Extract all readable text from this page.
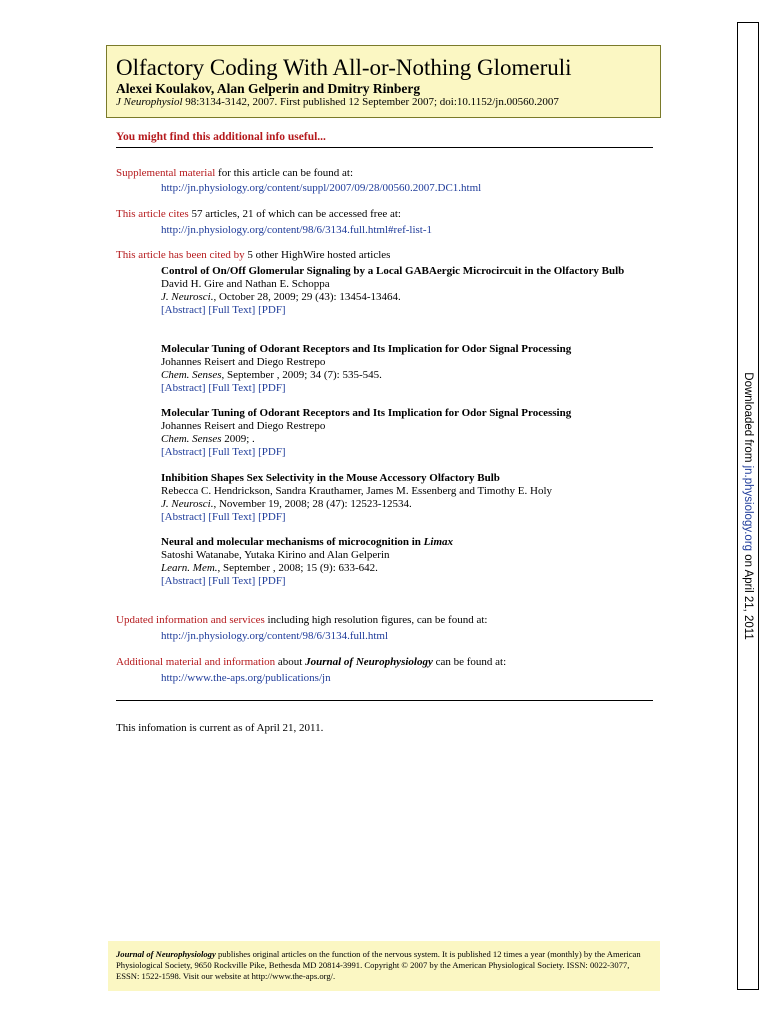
Olfactory Coding With All-or-Nothing Glomeruli
Alexei Koulakov, Alan Gelperin and Dmitry Rinberg
J Neurophysiol 98:3134-3142, 2007. First published 12 September 2007; doi:10.1152/jn.00560.2007
You might find this additional info useful...
Supplemental material for this article can be found at:
http://jn.physiology.org/content/suppl/2007/09/28/00560.2007.DC1.html
This article cites 57 articles, 21 of which can be accessed free at:
http://jn.physiology.org/content/98/6/3134.full.html#ref-list-1
This article has been cited by 5 other HighWire hosted articles
Control of On/Off Glomerular Signaling by a Local GABAergic Microcircuit in the Olfactory Bulb
David H. Gire and Nathan E. Schoppa
J. Neurosci., October 28, 2009; 29 (43): 13454-13464.
[Abstract] [Full Text] [PDF]
Molecular Tuning of Odorant Receptors and Its Implication for Odor Signal Processing
Johannes Reisert and Diego Restrepo
Chem. Senses, September , 2009; 34 (7): 535-545.
[Abstract] [Full Text] [PDF]
Molecular Tuning of Odorant Receptors and Its Implication for Odor Signal Processing
Johannes Reisert and Diego Restrepo
Chem. Senses 2009; .
[Abstract] [Full Text] [PDF]
Inhibition Shapes Sex Selectivity in the Mouse Accessory Olfactory Bulb
Rebecca C. Hendrickson, Sandra Krauthamer, James M. Essenberg and Timothy E. Holy
J. Neurosci., November 19, 2008; 28 (47): 12523-12534.
[Abstract] [Full Text] [PDF]
Neural and molecular mechanisms of microcognition in Limax
Satoshi Watanabe, Yutaka Kirino and Alan Gelperin
Learn. Mem., September , 2008; 15 (9): 633-642.
[Abstract] [Full Text] [PDF]
Updated information and services including high resolution figures, can be found at:
http://jn.physiology.org/content/98/6/3134.full.html
Additional material and information about Journal of Neurophysiology can be found at:
http://www.the-aps.org/publications/jn
This infomation is current as of April 21, 2011.
Journal of Neurophysiology publishes original articles on the function of the nervous system. It is published 12 times a year (monthly) by the American Physiological Society, 9650 Rockville Pike, Bethesda MD 20814-3991. Copyright © 2007 by the American Physiological Society. ISSN: 0022-3077, ESSN: 1522-1598. Visit our website at http://www.the-aps.org/.
Downloaded from jn.physiology.org on April 21, 2011
